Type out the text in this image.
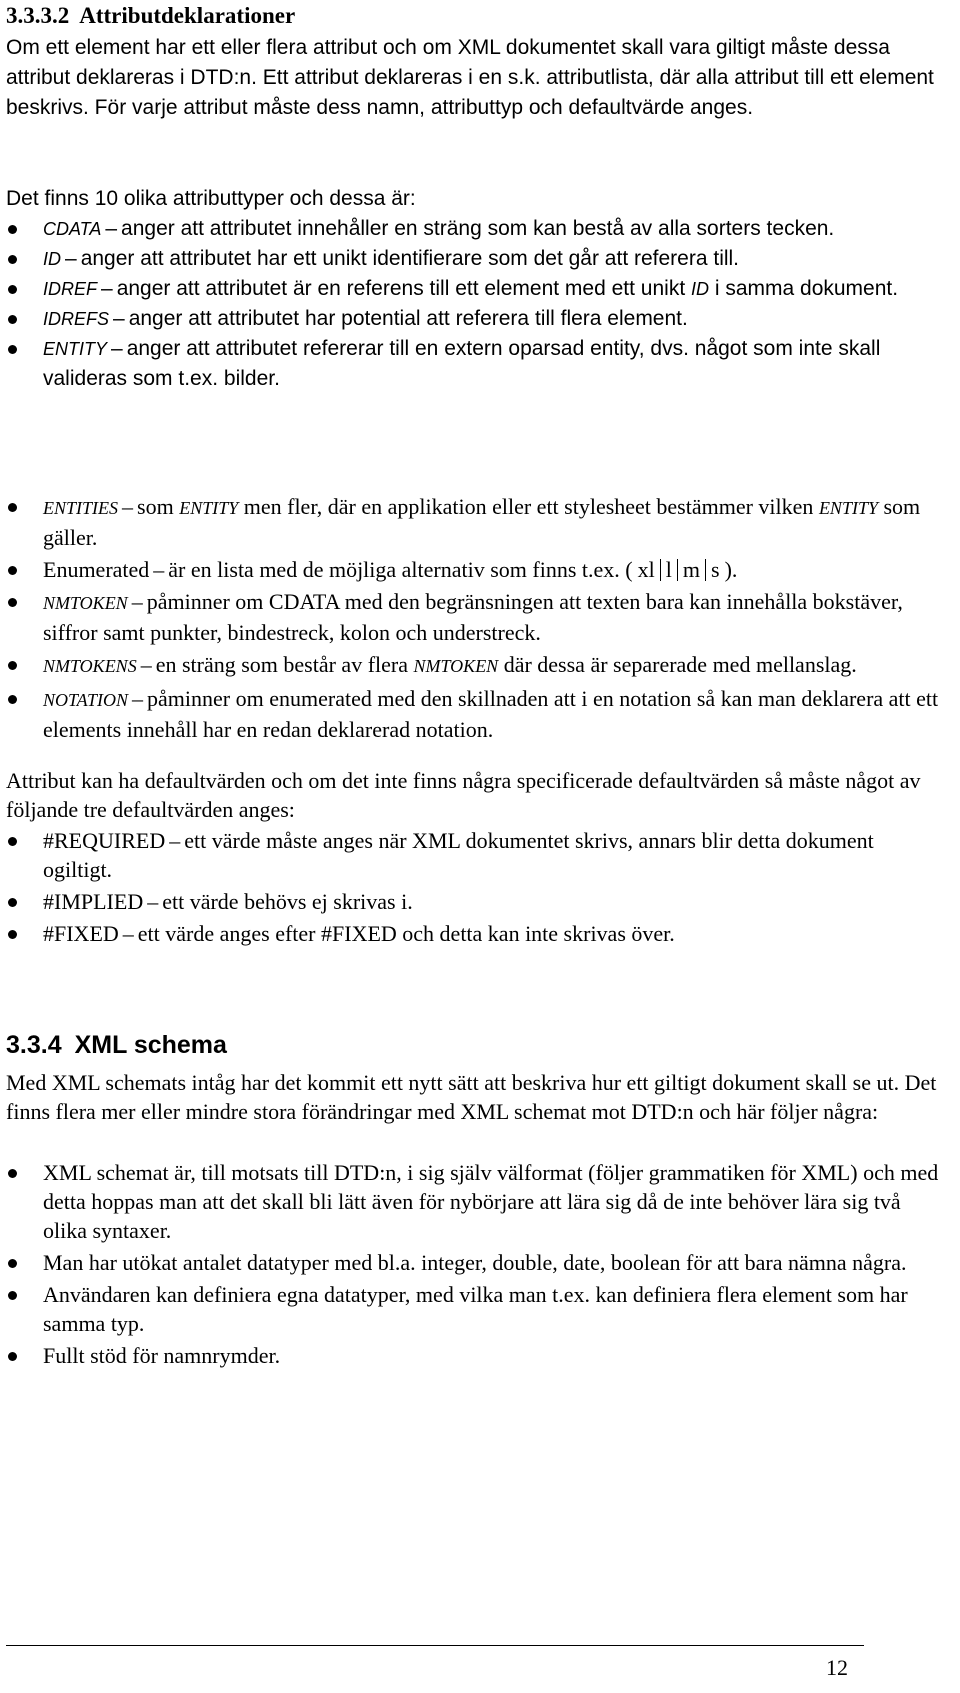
3.3.3.2 Attributdeklarationer

Om ett element har ett eller flera attribut och om XML dokumentet skall vara giltigt måste dessa attribut deklareras i DTD:n. Ett attribut deklareras i en s.k. attributlista, där alla attribut till ett element beskrivs. För varje attribut måste dess namn, attributtyp och defaultvärde anges.

Det finns 10 olika attributtyper och dessa är:

CDATA – anger att attributet innehåller en sträng som kan bestå av alla sorters tecken.
ID – anger att attributet har ett unikt identifierare som det går att referera till.
IDREF – anger att attributet är en referens till ett element med ett unikt ID i samma dokument.
IDREFS – anger att attributet har potential att referera till flera element.
ENTITY – anger att attributet refererar till en extern oparsad entity, dvs. något som inte skall valideras som t.ex. bilder.
ENTITIES – som ENTITY men fler, där en applikation eller ett stylesheet bestämmer vilken ENTITY som gäller.
Enumerated – är en lista med de möjliga alternativ som finns t.ex. ( xl l m s ).
NMTOKEN – påminner om CDATA med den begränsningen att texten bara kan innehålla bokstäver, siffror samt punkter, bindestreck, kolon och understreck.
NMTOKENS – en sträng som består av flera NMTOKEN där dessa är separerade med mellanslag.
NOTATION – påminner om enumerated med den skillnaden att i en notation så kan man deklarera att ett elements innehåll har en redan deklarerad notation.

Attribut kan ha defaultvärden och om det inte finns några specificerade defaultvärden så måste något av följande tre defaultvärden anges:

#REQUIRED – ett värde måste anges när XML dokumentet skrivs, annars blir detta dokument ogiltigt.
#IMPLIED – ett värde behövs ej skrivas i.
#FIXED – ett värde anges efter #FIXED och detta kan inte skrivas över.
3.3.4 XML schema

Med XML schemats intåg har det kommit ett nytt sätt att beskriva hur ett giltigt dokument skall se ut. Det finns flera mer eller mindre stora förändringar med XML schemat mot DTD:n och här följer några:

XML schemat är, till motsats till DTD:n, i sig själv välformat (följer grammatiken för XML) och med detta hoppas man att det skall bli lätt även för nybörjare att lära sig då de inte behöver lära sig två olika syntaxer.
Man har utökat antalet datatyper med bl.a. integer, double, date, boolean för att bara nämna några.
Användaren kan definiera egna datatyper, med vilka man t.ex. kan definiera flera element som har samma typ.
Fullt stöd för namnrymder.
12
